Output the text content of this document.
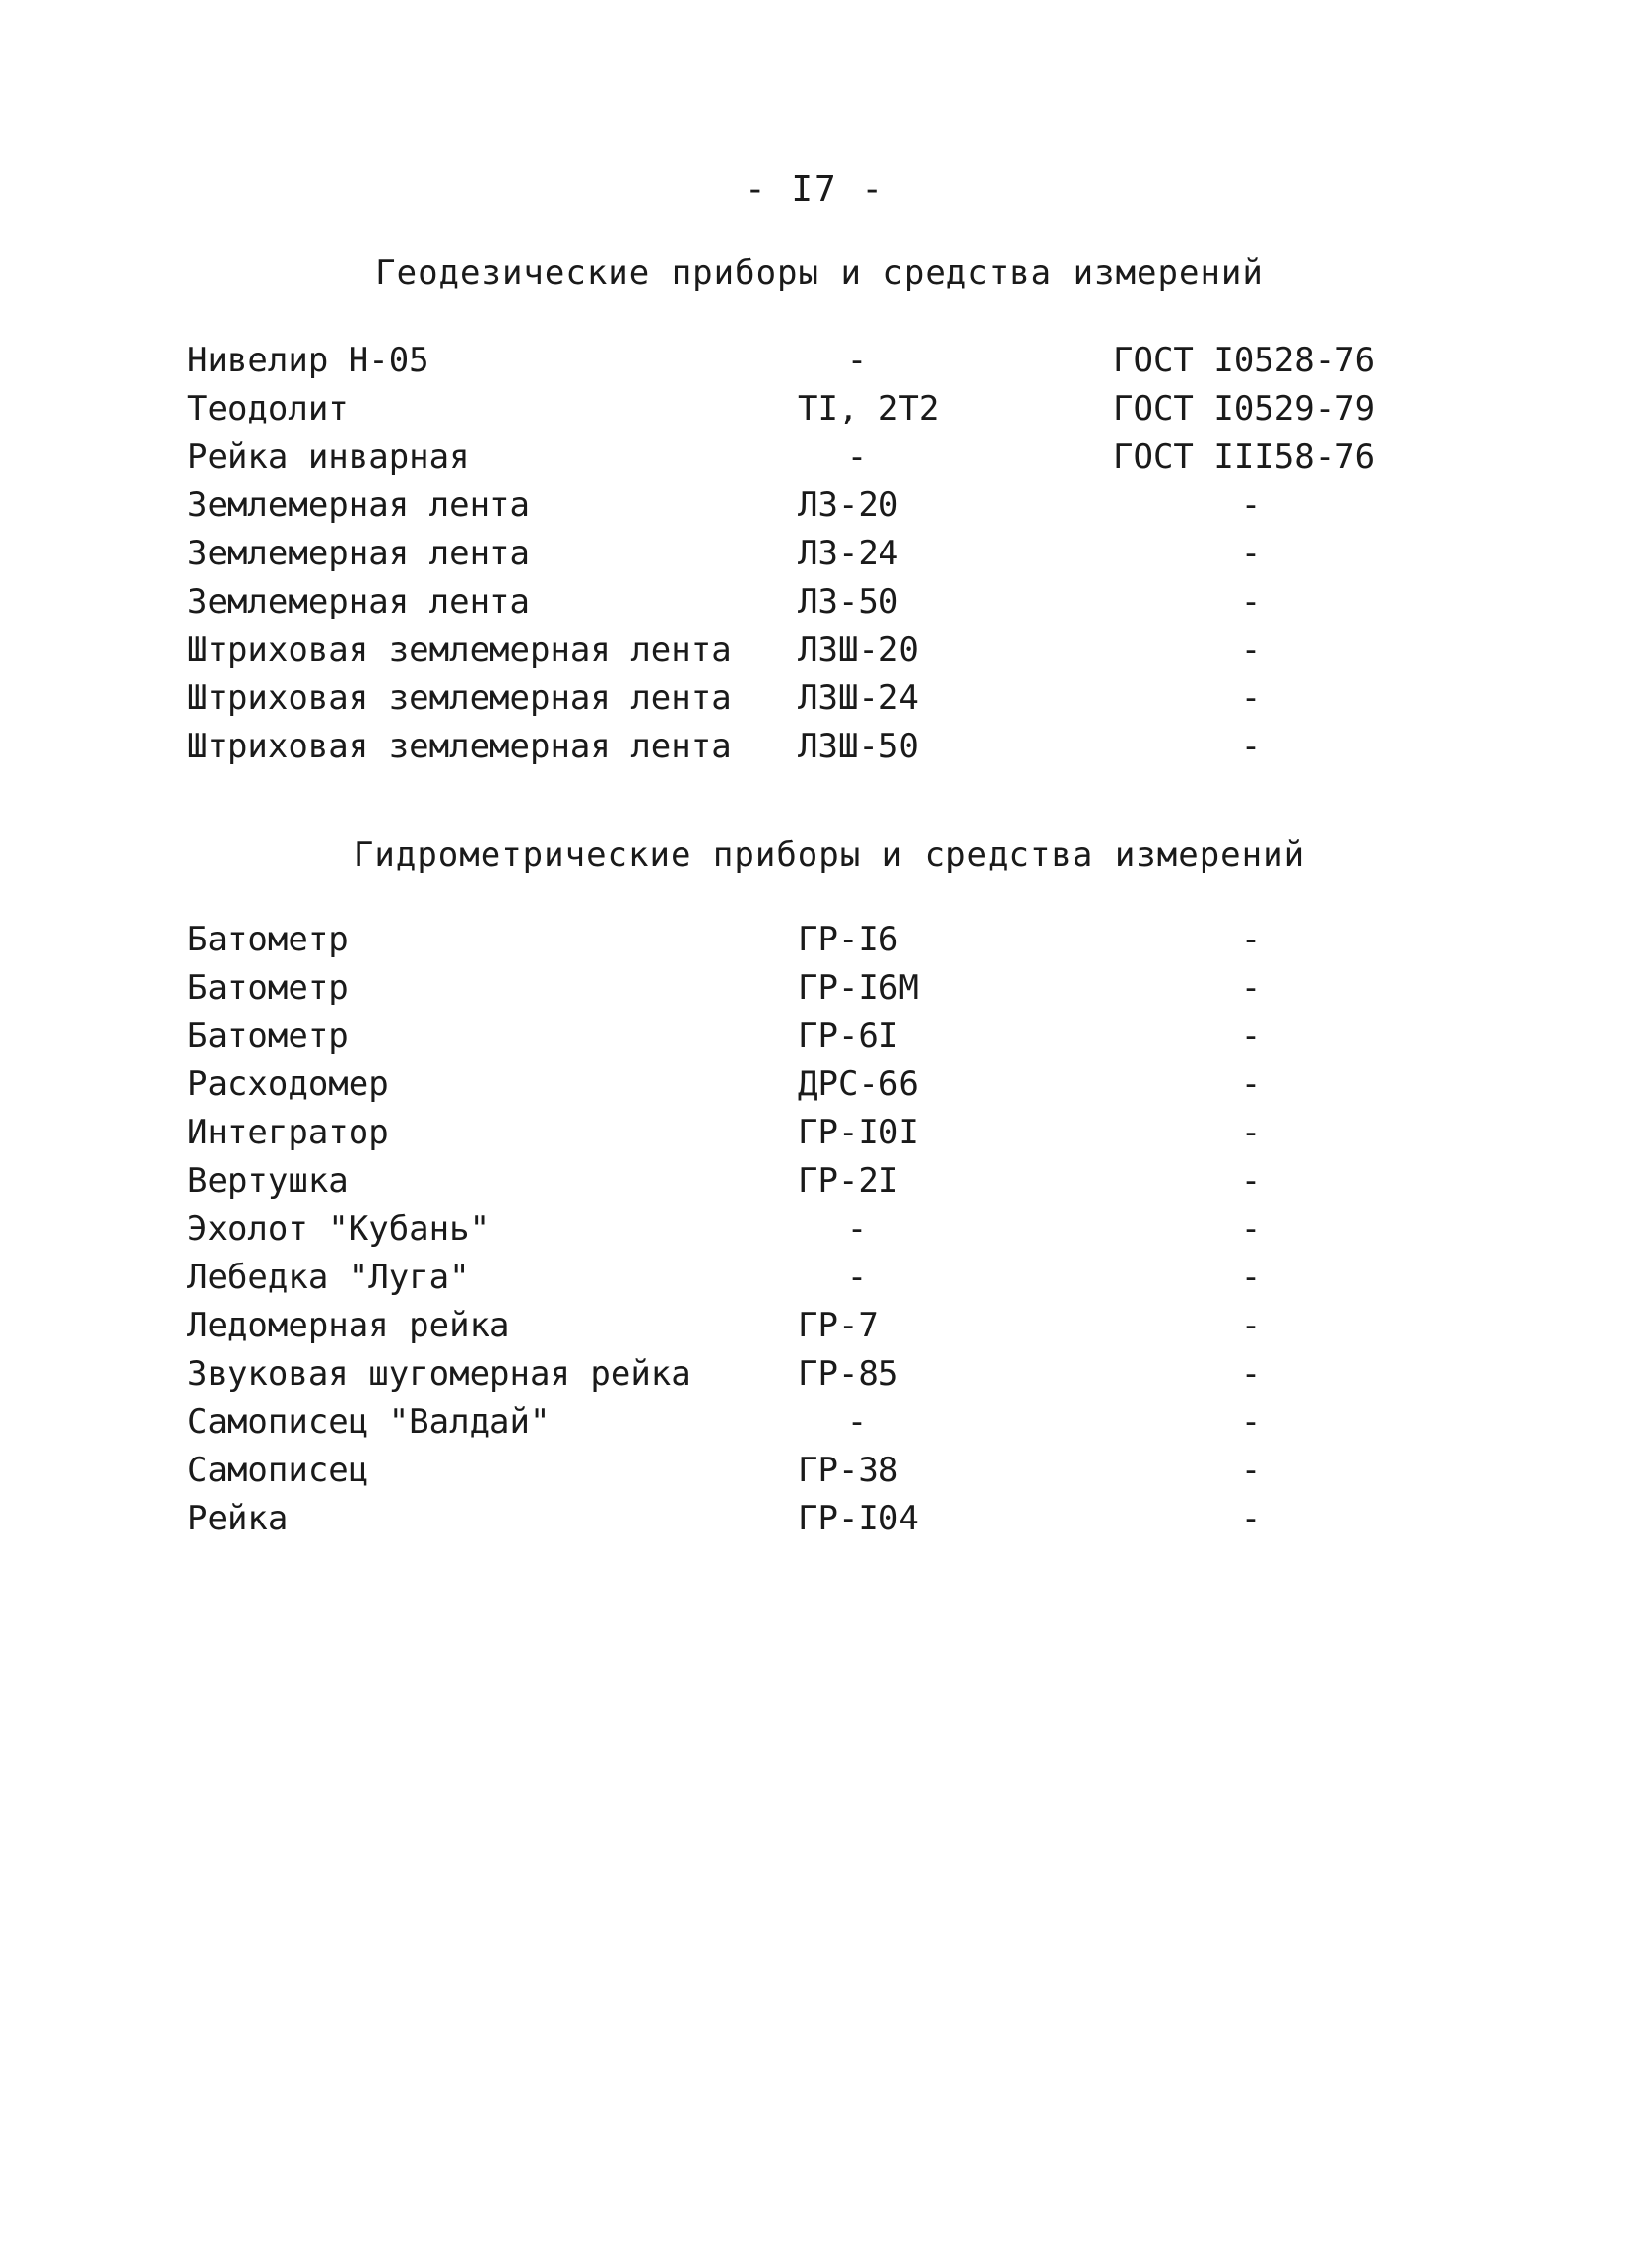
- I7 -
Геодезические приборы и средства измерений
Нивелир Н-05	-	ГОСТ I0528-76
Теодолит	TI, 2T2	ГОСТ I0529-79
Рейка инварная	-	ГОСТ III58-76
Землемерная лента	ЛЗ-20	-
Землемерная лента	ЛЗ-24	-
Землемерная лента	ЛЗ-50	-
Штриховая землемерная лента ЛЗШ-20	-
Штриховая землемерная лента ЛЗШ-24	-
Штриховая землемерная лента ЛЗШ-50	-
Гидрометрические приборы и средства измерений
Батометр	ГР-I6	-
Батометр	ГР-I6М	-
Батометр	ГР-6I	-
Расходомер	ДРС-66	-
Интегратор	ГР-I0I	-
Вертушка	ГР-2I	-
Эхолот "Кубань"	-	-
Лебедка "Луга"	-	-
Ледомерная рейка	ГР-7	-
Звуковая шугомерная рейка	ГР-85	-
Самописец "Валдай"	-	-
Самописец	ГР-38	-
Рейка	ГР-I04	-
